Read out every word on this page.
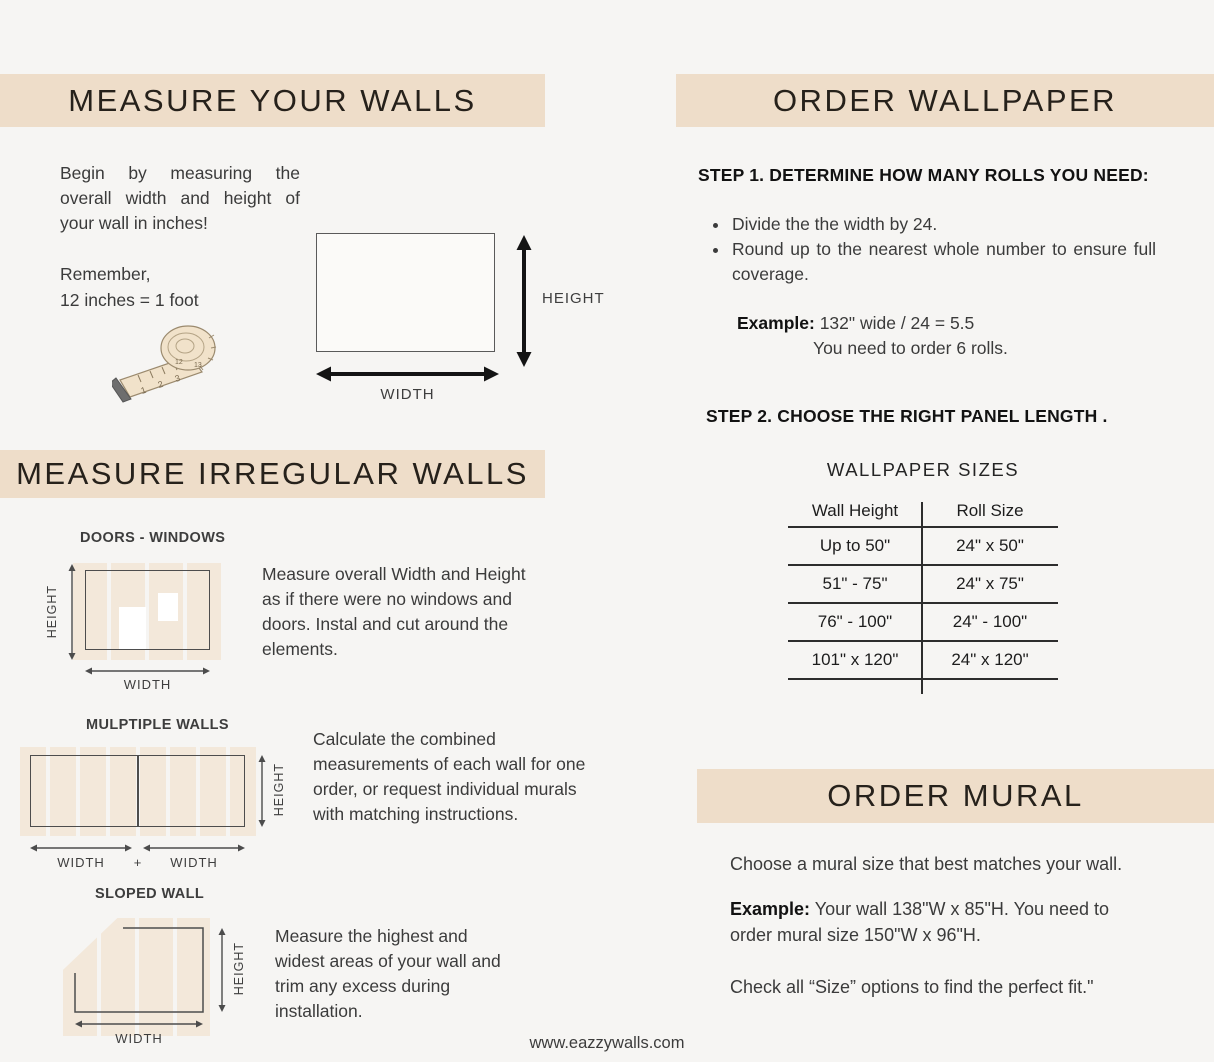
MEASURE YOUR WALLS
Begin by measuring the overall width and height of your wall in inches!
Remember,
12 inches = 1 foot
1
2
3
12 13
HEIGHT
WIDTH
MEASURE IRREGULAR WALLS
DOORS - WINDOWS
HEIGHT
WIDTH
Measure overall Width and Height as if there were no windows and doors. Instal and cut around the elements.
MULPTIPLE WALLS
HEIGHT
WIDTH	+	WIDTH
Calculate the combined measurements of each wall for one order, or request individual murals with matching instructions.
SLOPED WALL
HEIGHT
WIDTH
Measure the highest and widest areas of your wall and trim any excess during installation.
ORDER WALLPAPER
STEP 1. DETERMINE HOW MANY ROLLS YOU NEED:
• Divide the the width by 24.
• Round up to the nearest whole number to ensure full coverage.
Example: 132" wide / 24 = 5.5
You need to order 6 rolls.
STEP 2. CHOOSE THE RIGHT PANEL LENGTH .
WALLPAPER SIZES
Wall Height	Roll Size
Up to 50"	24" x 50"
51" - 75"	24" x 75"
76" - 100"	24" - 100"
101" x 120"	24" x 120"
ORDER MURAL

Choose a mural size that best matches your wall.

Example: Your wall 138"W x 85"H. You need to order mural size 150"W x 96"H.

Check all “Size” options to find the perfect fit."

www.eazzywalls.com
